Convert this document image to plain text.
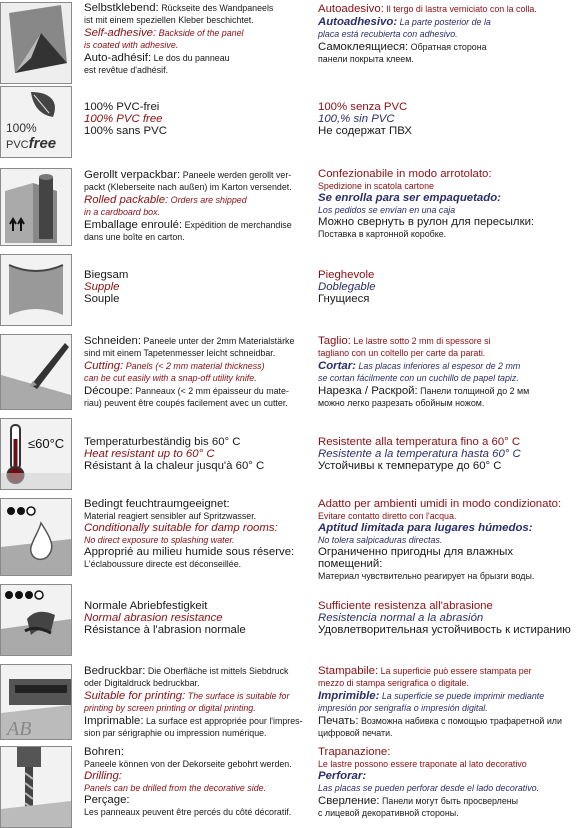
Selbstklebend: Rückseite des Wandpaneels
ist mit einem speziellen Kleber beschichtet.
Self-adhesive: Backside of the panel
is coated with adhesive.
Auto-adhésif: Le dos du panneau
est revêtue d'adhésif.
Autoadesivo: Il tergo di lastra verniciato con la colla.
Autoadhesivo: La parte posterior de la
placa está recubierta con adhesivo.
Самоклеящиеся: Обратная сторона
панели покрыта клеем.
100%
PVCfree
100% PVC-frei
100% PVC free
100% sans PVC
100% senza PVC
100,% sin PVC
Не содержат ПВХ
Gerollt verpackbar: Paneele werden gerollt ver-
packt (Kleberseite nach außen) im Karton versendet.
Rolled packable: Orders are shipped
in a cardboard box.
Emballage enroulé: Expédition de merchandise
dans une boîte en carton.
Confezionabile in modo arrotolato:
Spedizione in scatola cartone
Se enrolla para ser empaquetado:
Los pedidos se envían en una caja
Можно свернуть в рулон для пересылки:
Поставка в картонной коробке.
Biegsam
Supple
Souple
Pieghevole
Doblegable
Гнущиеся
Schneiden: Paneele unter der 2mm Materialstärke
sind mit einem Tapetenmesser leicht schneidbar.
Cutting: Panels (< 2 mm material thickness)
can be cut easily with a snap-off utility knife.
Découpe: Panneaux (< 2 mm épaisseur du mate-
riau) peuvent être coupés facilement avec un cutter.
Taglio: Le lastre sotto 2 mm di spessore si
tagliano con un coltello per carte da parati.
Cortar: Las placas inferiores al espesor de 2 mm
se cortan fácilmente con un cuchillo de papel tapiz.
Нарезка / Раскрой: Панели толщиной до 2 мм
можно легко разрезать обойным ножом.
≤60°C Temperaturbeständig bis 60° C
Heat resistant up to 60° C
Résistant à la chaleur jusqu'à 60° C
Resistente alla temperatura fino a 60° C
Resistente a la temperatura hasta 60° C
Устойчивы к температуре до 60° C
Bedingt feuchtraumgeeignet:
Material reagiert sensibler auf Spritzwasser.
Conditionally suitable for damp rooms:
No direct exposure to splashing water.
Approprié au milieu humide sous réserve:
L'éclaboussure directe est déconseillée.
Adatto per ambienti umidi in modo condizionato:
Evitare contatto diretto con l'acqua.
Aptitud limitada para lugares húmedos:
No tolera salpicaduras directas.
Ограниченно пригодны для влажных помещений:
Материал чувствительно реагирует на брызги воды.
Normale Abriebfestigkeit
Normal abrasion resistance
Résistance à l'abrasion normale
Sufficiente resistenza all'abrasione
Resistencia normal a la abrasión
Удовлетворительная устойчивость к истиранию
AB
Bedruckbar: Die Oberfläche ist mittels Siebdruck
oder Digitaldruck bedruckbar.
Suitable for printing: The surface is suitable for
printing by screen printing or digital printing.
Imprimable: La surface est appropriée pour l'impres-
sion par sérigraphie ou impression numérique.
Stampabile: La superficie può essere stampata per
mezzo di stampa serigrafica o digitale.
Imprimible: La superficie se puede imprimir mediante
impresión por serigrafía o impresión digital.
Печать: Возможна набивка с помощью трафаретной или
цифровой печати.
Bohren:
Paneele können von der Dekorseite gebohrt werden.
Drilling:
Panels can be drilled from the decorative side.
Perçage:
Les panneaux peuvent être percés du côté décoratif.
Trapanazione:
Le lastre possono essere traponate al lato decorativo
Perforar:
Las placas se pueden perforar desde el lado decorativo.
Сверление: Панели могут быть просверлены
с лицевой декоративной стороны.
